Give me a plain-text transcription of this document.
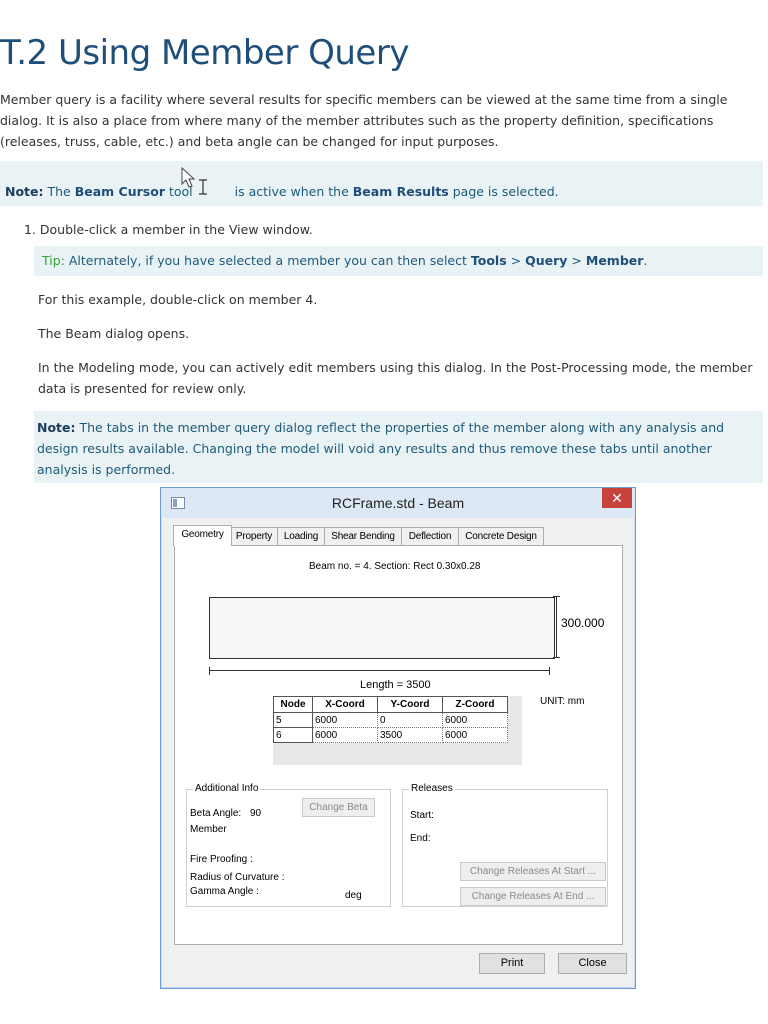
T.2 Using Member Query
Member query is a facility where several results for specific members can be viewed at the same time from a single dialog. It is also a place from where many of the member attributes such as the property definition, specifications (releases, truss, cable, etc.) and beta angle can be changed for input purposes.
Note: The Beam Cursor tool	is active when the Beam Results page is selected.
1. Double-click a member in the View window.
Tip: Alternately, if you have selected a member you can then select Tools > Query > Member.
For this example, double-click on member 4.
The Beam dialog opens.
In the Modeling mode, you can actively edit members using this dialog. In the Post-Processing mode, the member data is presented for review only.
Note: The tabs in the member query dialog reflect the properties of the member along with any analysis and design results available. Changing the model will void any results and thus remove these tabs until another analysis is performed.
RCFrame.std - Beam	✕
Geometry	Property	Loading	Shear Bending	Deflection	Concrete Design
Beam no. = 4. Section: Rect 0.30x0.28
300.000
Length = 3500
UNIT: mm
Node	X-Coord	Y-Coord	Z-Coord
5	6000	0	6000
6	6000	3500	6000
Additional Info
Beta Angle: 90
Change Beta
Member
Fire Proofing :
Radius of Curvature :
Gamma Angle :	deg
Releases
Start:
End:
Change Releases At Start ...
Change Releases At End ...
Print	Close
